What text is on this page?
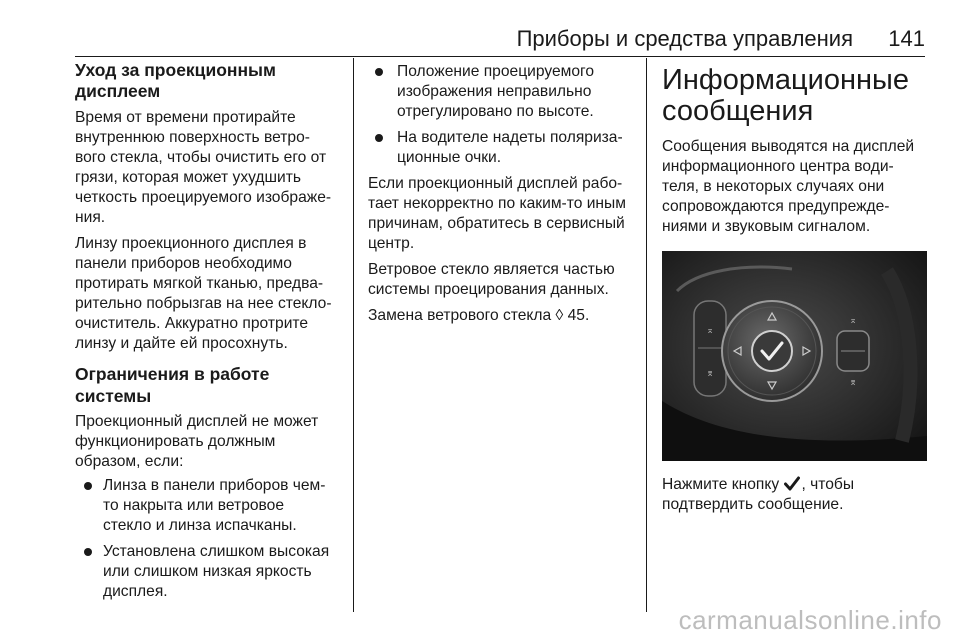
Приборы и средства управления 141
Уход за проекционным
дисплеем

Время от времени протирайте
внутреннюю поверхность ветро-
вого стекла, чтобы очистить его от
грязи, которая может ухудшить
четкость проецируемого изображе-
ния.

Линзу проекционного дисплея в
панели приборов необходимо
протирать мягкой тканью, предва-
рительно побрызгав на нее стекло-
очиститель. Аккуратно протрите
линзу и дайте ей просохнуть.

Ограничения в работе системы

Проекционный дисплей не может
функционировать должным
образом, если:

Линза в панели приборов чем-
то накрыта или ветровое
стекло и линза испачканы.
Установлена слишком высокая
или слишком низкая яркость
дисплея.
Положение проецируемого
изображения неправильно
отрегулировано по высоте.
На водителе надеты поляриза-
ционные очки.

Если проекционный дисплей рабо-
тает некорректно по каким-то иным
причинам, обратитесь в сервисный
центр.

Ветровое стекло является частью
системы проецирования данных.

Замена ветрового стекла ◊ 45.

Информационные
сообщения

Сообщения выводятся на дисплей
информационного центра води-
теля, в некоторых случаях они
сопровождаются предупрежде-
ниями и звуковым сигналом.

⌅
⌆
⌅
⌆

Нажмите кнопку , чтобы
подтвердить сообщение.

carmanualsonline.info
